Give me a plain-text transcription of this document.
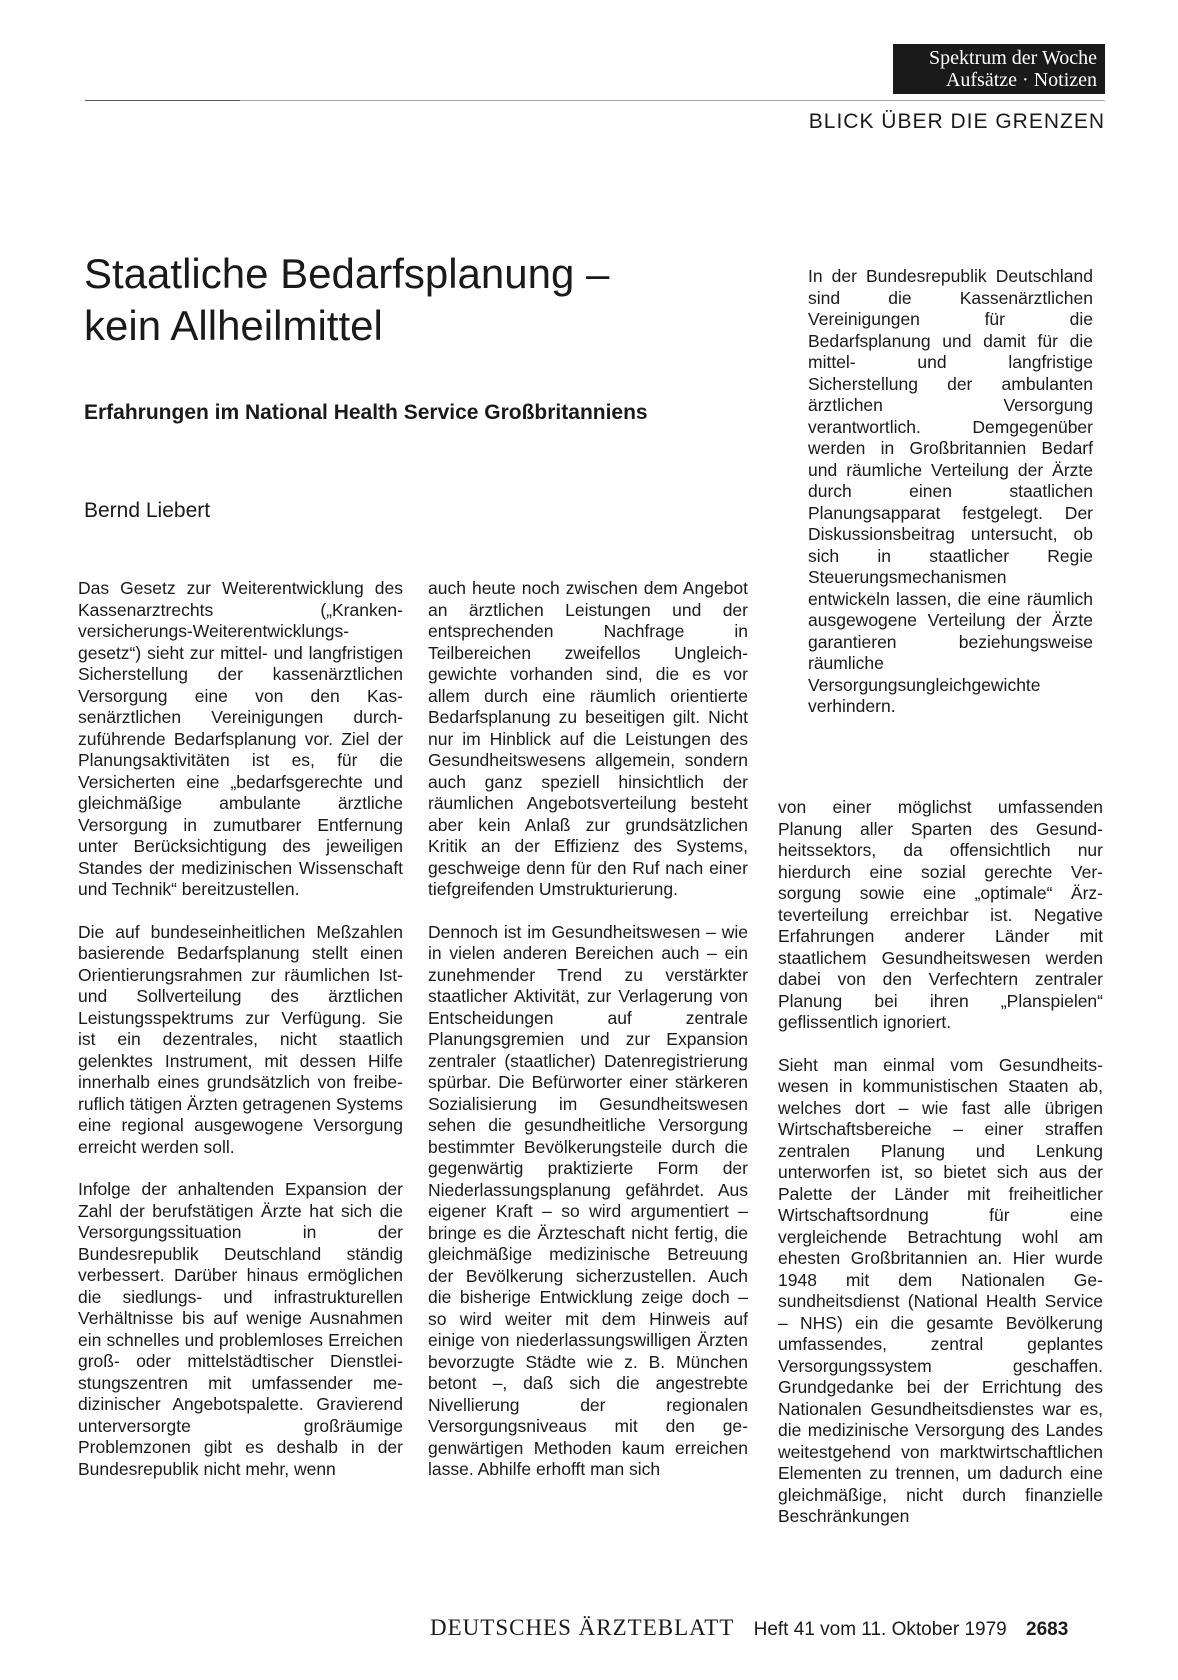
Spektrum der Woche
Aufsätze · Notizen
BLICK ÜBER DIE GRENZEN
Staatliche Bedarfsplanung –
kein Allheilmittel
Erfahrungen im National Health Service Großbritanniens
Bernd Liebert

In der Bundesrepublik Deutschland sind die Kassenärztlichen Vereinigungen für die Bedarfsplanung und damit für die mittel- und langfristige Sicherstellung der ambulanten ärztlichen Versorgung verantwortlich. Demgegenüber werden in Großbritannien Bedarf und räumliche Verteilung der Ärzte durch einen staatlichen Planungsapparat festgelegt. Der Diskussionsbeitrag untersucht, ob sich in staatlicher Regie Steuerungsmechanismen entwickeln lassen, die eine räumlich ausgewogene Verteilung der Ärzte garantieren beziehungsweise räumliche Versorgungsungleichgewichte verhindern.

Das Gesetz zur Weiterentwicklung des Kassenarztrechts („Krankenversicherungs-Weiterentwicklungsgesetz“) sieht zur mittel- und langfristigen Sicherstellung der kassenärztlichen Versorgung eine von den Kassenärztlichen Vereinigungen durchzuführende Bedarfsplanung vor. Ziel der Planungsaktivitäten ist es, für die Versicherten eine „bedarfsgerechte und gleichmäßige ambulante ärztliche Versorgung in zumutbarer Entfernung unter Berücksichtigung des jeweiligen Standes der medizinischen Wissenschaft und Technik“ bereitzustellen.

Die auf bundeseinheitlichen Meßzahlen basierende Bedarfsplanung stellt einen Orientierungsrahmen zur räumlichen Ist- und Sollverteilung des ärztlichen Leistungsspektrums zur Verfügung. Sie ist ein dezentrales, nicht staatlich gelenktes Instrument, mit dessen Hilfe innerhalb eines grundsätzlich von freiberuflich tätigen Ärzten getragenen Systems eine regional ausgewogene Versorgung erreicht werden soll.

Infolge der anhaltenden Expansion der Zahl der berufstätigen Ärzte hat sich die Versorgungssituation in der Bundesrepublik Deutschland ständig verbessert. Darüber hinaus ermöglichen die siedlungs- und infrastrukturellen Verhältnisse bis auf wenige Ausnahmen ein schnelles und problemloses Erreichen groß- oder mittelstädtischer Dienstleistungszentren mit umfassender medizinischer Angebotspalette. Gravierend unterversorgte großräumige Problemzonen gibt es deshalb in der Bundesrepublik nicht mehr, wenn

auch heute noch zwischen dem Angebot an ärztlichen Leistungen und der entsprechenden Nachfrage in Teilbereichen zweifellos Ungleichgewichte vorhanden sind, die es vor allem durch eine räumlich orientierte Bedarfsplanung zu beseitigen gilt. Nicht nur im Hinblick auf die Leistungen des Gesundheitswesens allgemein, sondern auch ganz speziell hinsichtlich der räumlichen Angebotsverteilung besteht aber kein Anlaß zur grundsätzlichen Kritik an der Effizienz des Systems, geschweige denn für den Ruf nach einer tiefgreifenden Umstrukturierung.

Dennoch ist im Gesundheitswesen – wie in vielen anderen Bereichen auch – ein zunehmender Trend zu verstärkter staatlicher Aktivität, zur Verlagerung von Entscheidungen auf zentrale Planungsgremien und zur Expansion zentraler (staatlicher) Datenregistrierung spürbar. Die Befürworter einer stärkeren Sozialisierung im Gesundheitswesen sehen die gesundheitliche Versorgung bestimmter Bevölkerungsteile durch die gegenwärtig praktizierte Form der Niederlassungsplanung gefährdet. Aus eigener Kraft – so wird argumentiert – bringe es die Ärzteschaft nicht fertig, die gleichmäßige medizinische Betreuung der Bevölkerung sicherzustellen. Auch die bisherige Entwicklung zeige doch – so wird weiter mit dem Hinweis auf einige von niederlassungswilligen Ärzten bevorzugte Städte wie z. B. München betont –, daß sich die angestrebte Nivellierung der regionalen Versorgungsniveaus mit den gegenwärtigen Methoden kaum erreichen lasse. Abhilfe erhofft man sich

von einer möglichst umfassenden Planung aller Sparten des Gesundheitssektors, da offensichtlich nur hierdurch eine sozial gerechte Versorgung sowie eine „optimale“ Ärzteverteilung erreichbar ist. Negative Erfahrungen anderer Länder mit staatlichem Gesundheitswesen werden dabei von den Verfechtern zentraler Planung bei ihren „Planspielen“ geflissentlich ignoriert.

Sieht man einmal vom Gesundheitswesen in kommunistischen Staaten ab, welches dort – wie fast alle übrigen Wirtschaftsbereiche – einer straffen zentralen Planung und Lenkung unterworfen ist, so bietet sich aus der Palette der Länder mit freiheitlicher Wirtschaftsordnung für eine vergleichende Betrachtung wohl am ehesten Großbritannien an. Hier wurde 1948 mit dem Nationalen Gesundheitsdienst (National Health Service – NHS) ein die gesamte Bevölkerung umfassendes, zentral geplantes Versorgungssystem geschaffen. Grundgedanke bei der Errichtung des Nationalen Gesundheitsdienstes war es, die medizinische Versorgung des Landes weitestgehend von marktwirtschaftlichen Elementen zu trennen, um dadurch eine gleichmäßige, nicht durch finanzielle Beschränkungen

DEUTSCHES ÄRZTEBLATT Heft 41 vom 11. Oktober 1979 2683
